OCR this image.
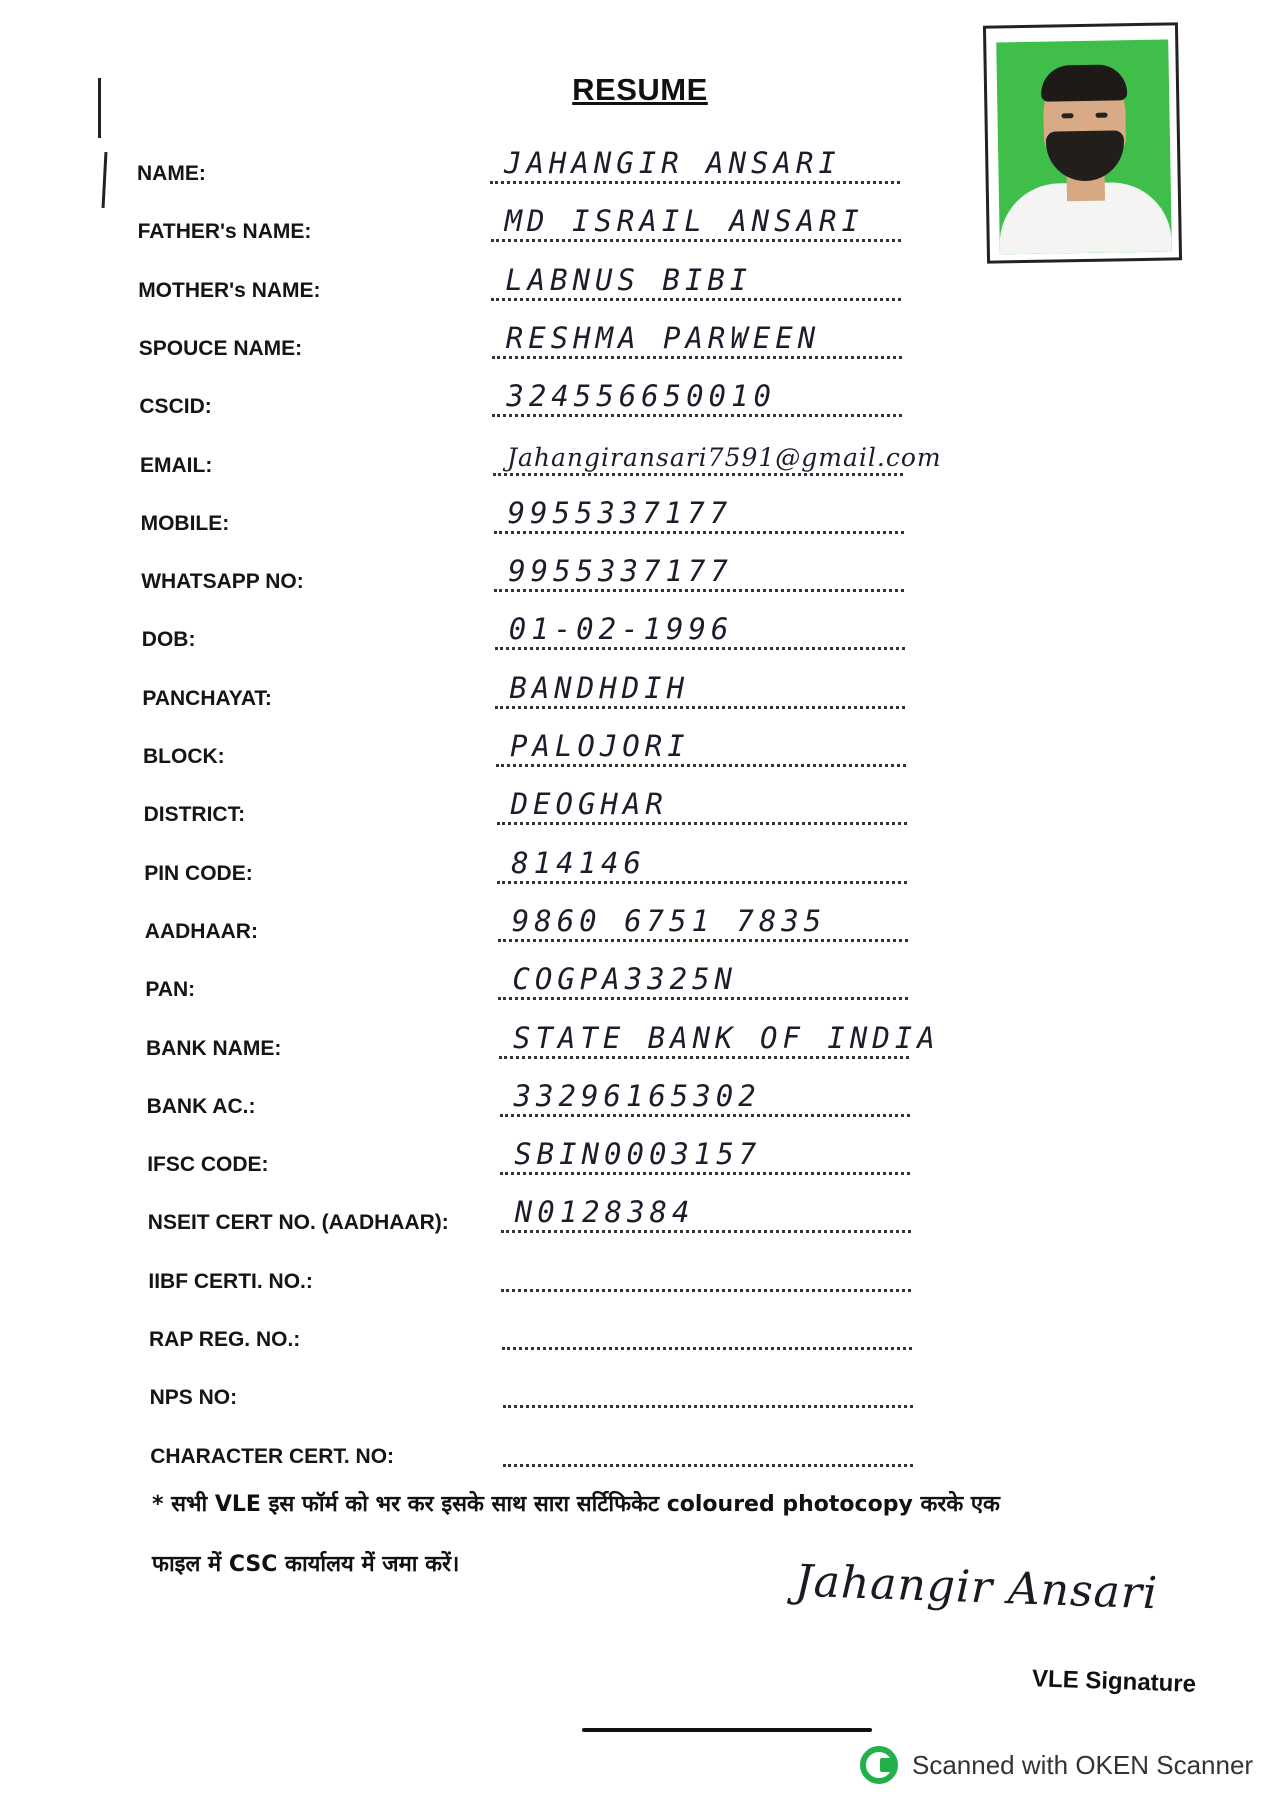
RESUME
NAME:	JAHANGIR ANSARI
FATHER's NAME:	MD ISRAIL ANSARI
MOTHER's NAME:	LABNUS BIBI
SPOUCE NAME:	RESHMA PARWEEN
CSCID:	324556650010
EMAIL:	Jahangiransari7591@gmail.com
MOBILE:	9955337177
WHATSAPP NO:	9955337177
DOB:	01-02-1996
PANCHAYAT:	BANDHDIH
BLOCK:	PALOJORI
DISTRICT:	DEOGHAR
PIN CODE:	814146
AADHAAR:	9860 6751 7835
PAN:	COGPA3325N
BANK NAME:	STATE BANK OF INDIA
BANK AC.:	33296165302
IFSC CODE:	SBIN0003157
NSEIT CERT NO. (AADHAAR): N0128384
IIBF CERTI. NO.:
RAP REG. NO.:
NPS NO:
CHARACTER CERT. NO:
* सभी VLE इस फॉर्म को भर कर इसके साथ सारा सर्टिफिकेट coloured photocopy करके एक
फाइल में CSC कार्यालय में जमा करें।	Jahangir Ansari
VLE Signature
Scanned with OKEN Scanner
